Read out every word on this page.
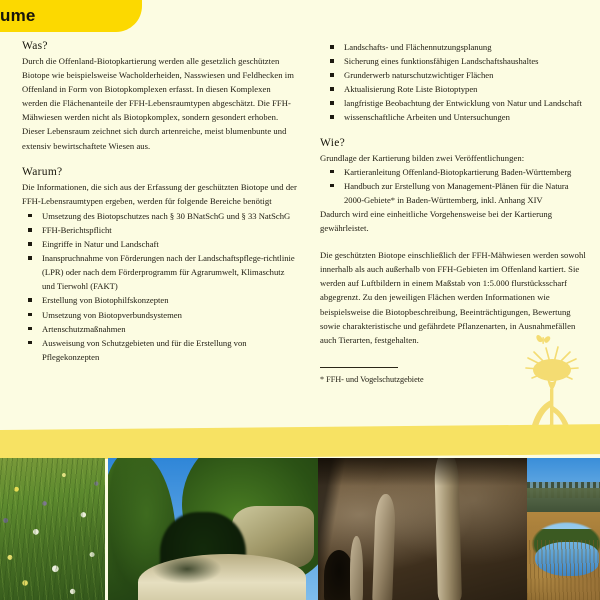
ume
Was?

Durch die Offenland-Biotopkartierung werden alle gesetzlich geschützten Biotope wie beispielsweise Wacholderheiden, Nasswiesen und Feldhecken im Offenland in Form von Biotopkomplexen erfasst. In diesen Komplexen werden die Flächenanteile der FFH-Lebensraumtypen abgeschätzt. Die FFH-Mähwiesen werden nicht als Biotopkomplex, sondern gesondert erhoben. Dieser Lebensraum zeichnet sich durch artenreiche, meist blumenbunte und extensiv bewirtschaftete Wiesen aus.

Warum?

Die Informationen, die sich aus der Erfassung der geschützten Biotope und der FFH-Lebensraumtypen ergeben, werden für folgende Bereiche benötigt

Umsetzung des Biotopschutzes nach § 30 BNatSchG und § 33 NatSchG
FFH-Berichtspflicht
Eingriffe in Natur und Landschaft
Inanspruchnahme von Förderungen nach der Landschaftspflege-richtlinie (LPR) oder nach dem Förderprogramm für Agrarumwelt, Klimaschutz und Tierwohl (FAKT)
Erstellung von Biotophilfskonzepten
Umsetzung von Biotopverbundsystemen
Artenschutzmaßnahmen
Ausweisung von Schutzgebieten und für die Erstellung von Pflegekonzepten
Landschafts- und Flächennutzungsplanung
Sicherung eines funktionsfähigen Landschaftshaushaltes
Grunderwerb naturschutzwichtiger Flächen
Aktualisierung Rote Liste Biotoptypen
langfristige Beobachtung der Entwicklung von Natur und Landschaft
wissenschaftliche Arbeiten und Untersuchungen
Wie?

Grundlage der Kartierung bilden zwei Veröffentlichungen:

Kartieranleitung Offenland-Biotopkartierung Baden-Württemberg
Handbuch zur Erstellung von Management-Plänen für die Natura 2000-Gebiete* in Baden-Württemberg, inkl. Anhang XIV

Dadurch wird eine einheitliche Vorgehensweise bei der Kartierung gewährleistet.

Die geschützten Biotope einschließlich der FFH-Mähwiesen werden sowohl innerhalb als auch außerhalb von FFH-Gebieten im Offenland kartiert. Sie werden auf Luftbildern in einem Maßstab von 1:5.000 flurstücksscharf abgegrenzt. Zu den jeweiligen Flächen werden Informationen wie beispielsweise die Biotopbeschreibung, Beeinträchtigungen, Bewertung sowie charakteristische und gefährdete Pflanzenarten, in Ausnahmefällen auch Tierarten, festgehalten.

* FFH- und Vogelschutzgebiete
